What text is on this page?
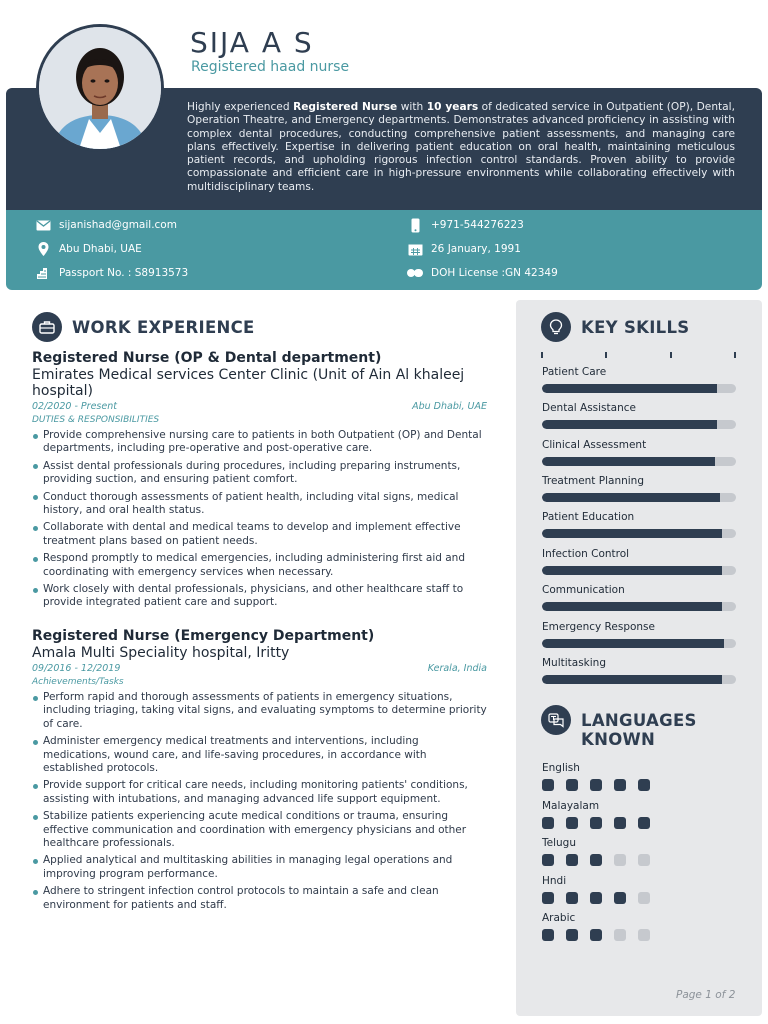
Highly experienced Registered Nurse with 10 years of dedicated service in Outpatient (OP), Dental, Operation Theatre, and Emergency departments. Demonstrates advanced proficiency in assisting with complex dental procedures, conducting comprehensive patient assessments, and managing care plans effectively. Expertise in delivering patient education on oral health, maintaining meticulous patient records, and upholding rigorous infection control standards. Proven ability to provide compassionate and efficient care in high-pressure environments while collaborating effectively with multidisciplinary teams.

SIJA A S

Registered haad nurse

sijanishad@gmail.com
Abu Dhabi, UAE
Passport No. : S8913573
+971-544276223
26 January, 1991
DOH License :GN 42349
WORK EXPERIENCE

Registered Nurse (OP & Dental department)

Emirates Medical services Center Clinic (Unit of Ain Al khaleej hospital)

02/2020 - Present	Abu Dhabi, UAE
DUTIES & RESPONSIBILITIES
Provide comprehensive nursing care to patients in both Outpatient (OP) and Dental departments, including pre-operative and post-operative care.
Assist dental professionals during procedures, including preparing instruments, providing suction, and ensuring patient comfort.
Conduct thorough assessments of patient health, including vital signs, medical history, and oral health status.
Collaborate with dental and medical teams to develop and implement effective treatment plans based on patient needs.
Respond promptly to medical emergencies, including administering first aid and coordinating with emergency services when necessary.
Work closely with dental professionals, physicians, and other healthcare staff to provide integrated patient care and support.

Registered Nurse (Emergency Department)

Amala Multi Speciality hospital, Iritty

09/2016 - 12/2019	Kerala, India
Achievements/Tasks
Perform rapid and thorough assessments of patients in emergency situations, including triaging, taking vital signs, and evaluating symptoms to determine priority of care.
Administer emergency medical treatments and interventions, including medications, wound care, and life-saving procedures, in accordance with established protocols.
Provide support for critical care needs, including monitoring patients' conditions, assisting with intubations, and managing advanced life support equipment.
Stabilize patients experiencing acute medical conditions or trauma, ensuring effective communication and coordination with emergency physicians and other healthcare professionals.
Applied analytical and multitasking abilities in managing legal operations and improving program performance.
Adhere to stringent infection control protocols to maintain a safe and clean environment for patients and staff.
KEY SKILLS
Patient Care
Dental Assistance
Clinical Assessment
Treatment Planning
Patient Education
Infection Control
Communication
Emergency Response
Multitasking
LANGUAGES
KNOWN
English
Malayalam
Telugu
Hndi
Arabic
Page 1 of 2
